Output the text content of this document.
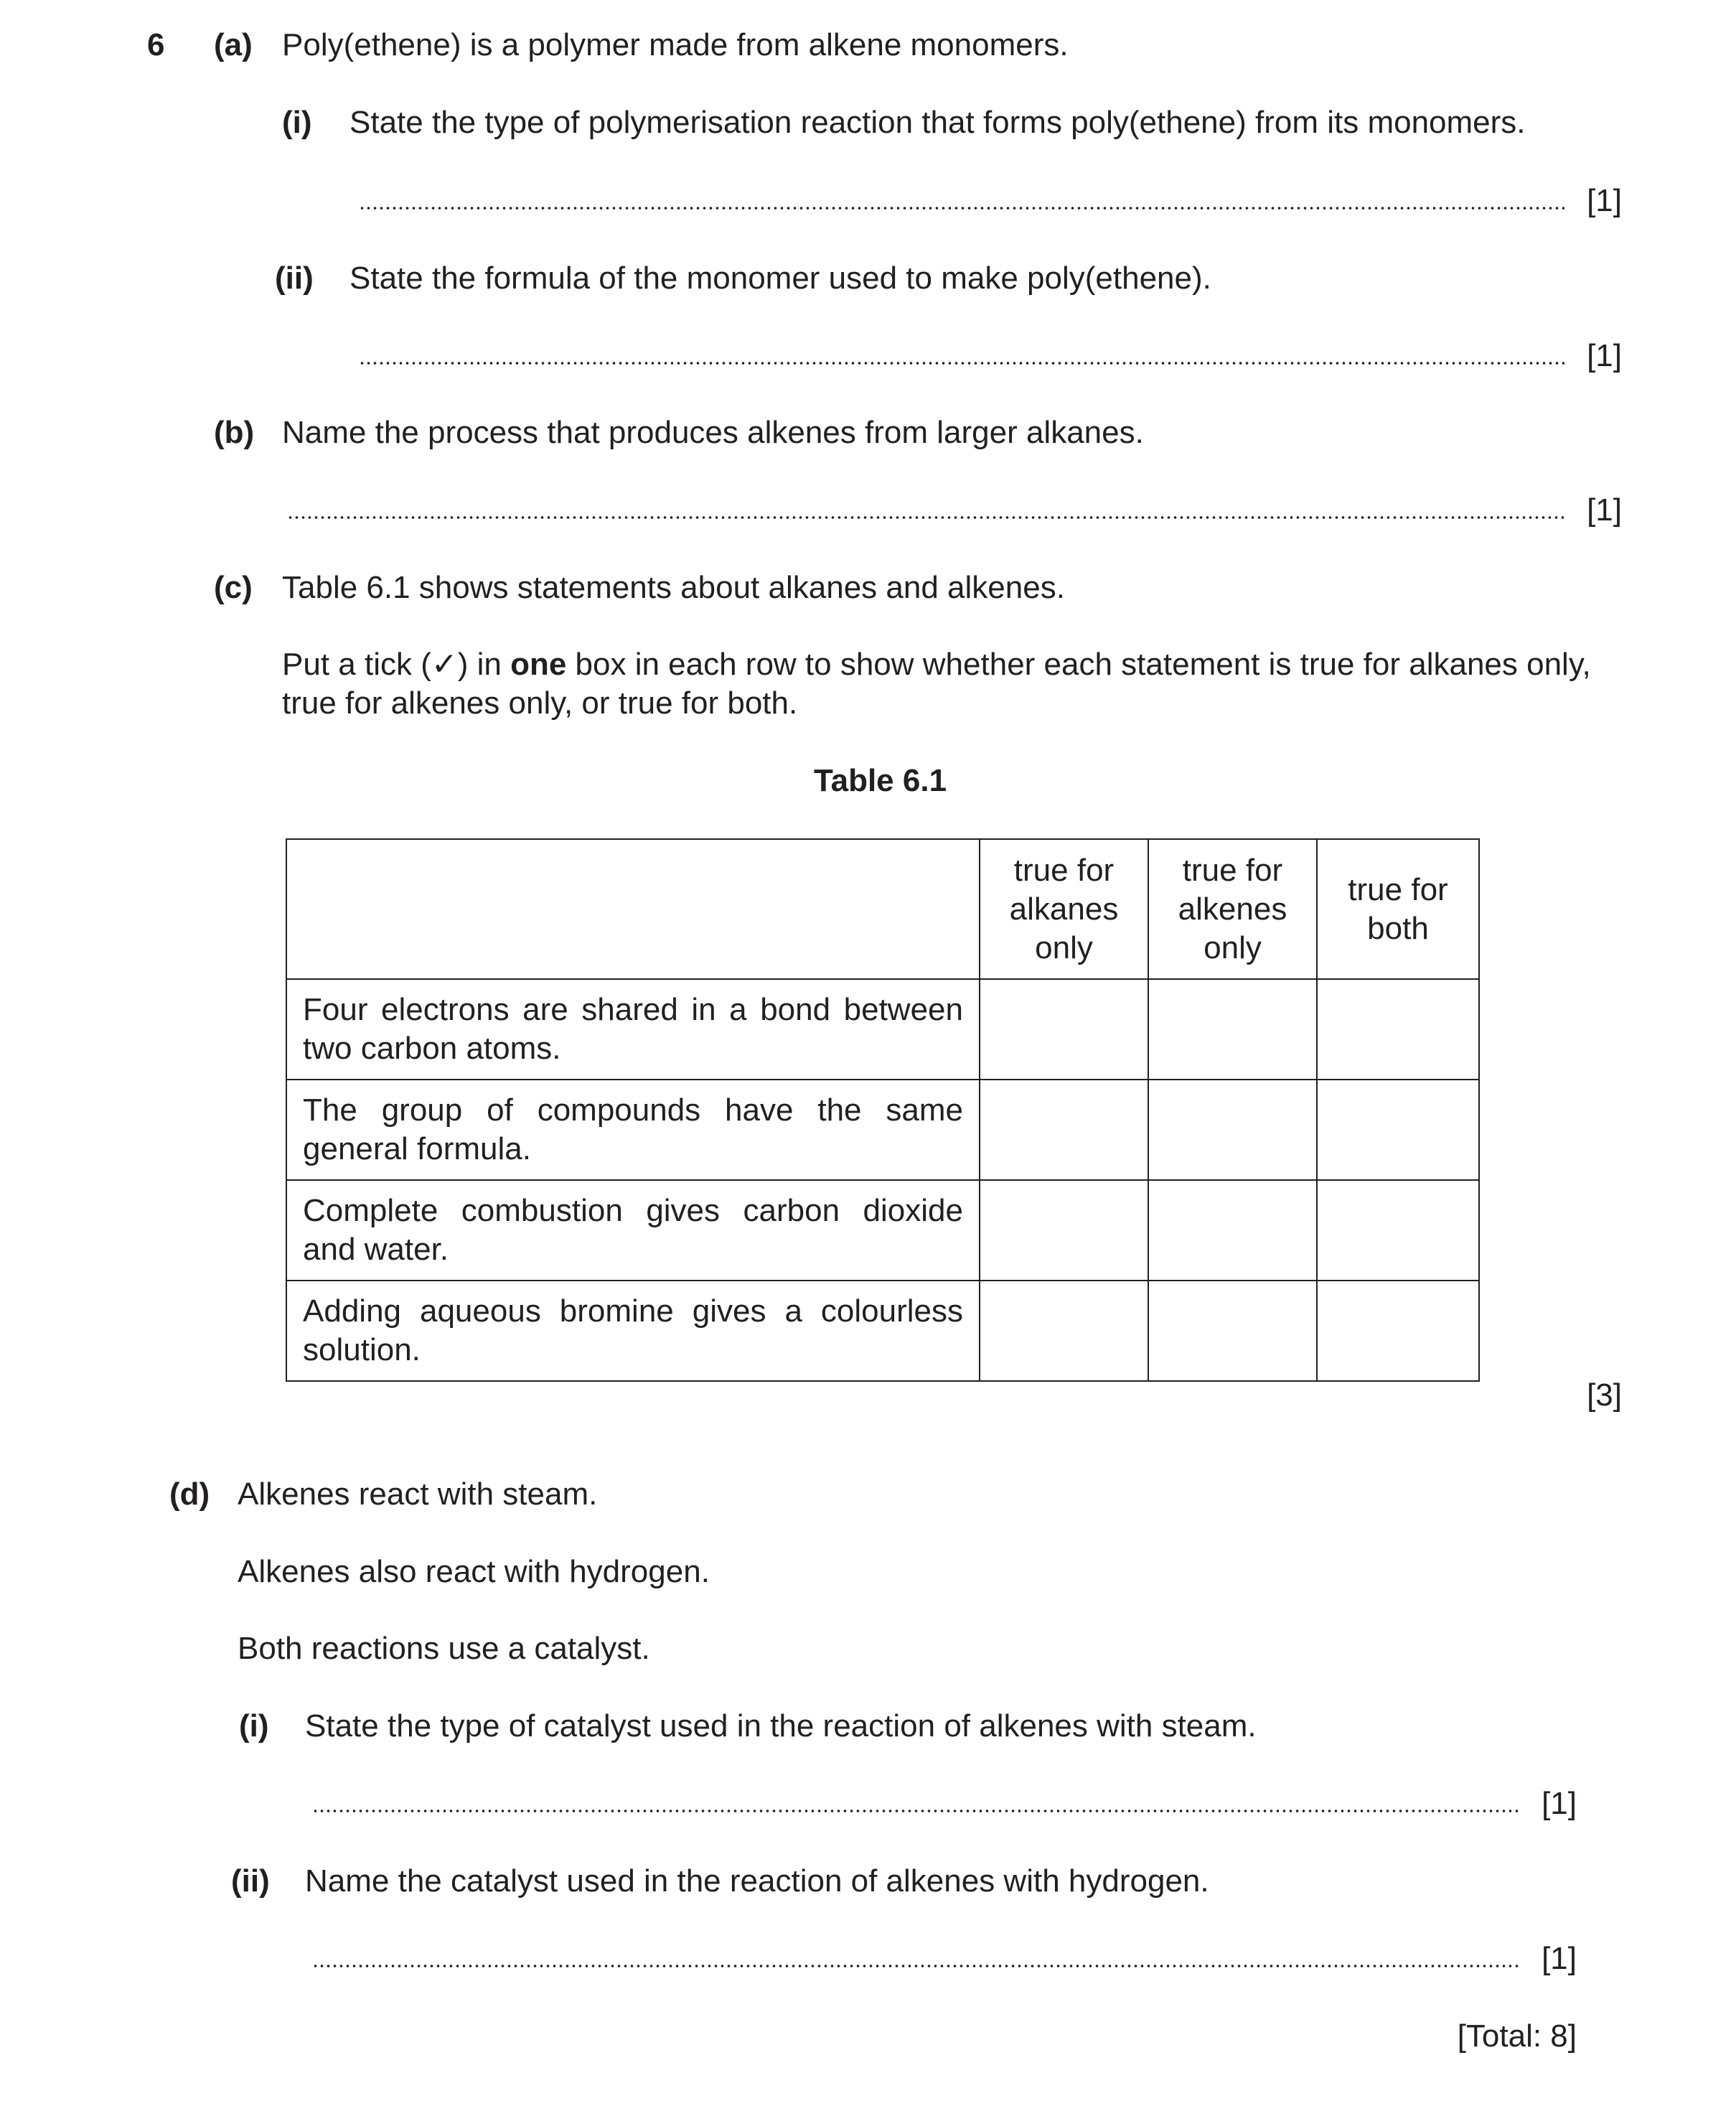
6 (a) Poly(ethene) is a polymer made from alkene monomers.
(i) State the type of polymerisation reaction that forms poly(ethene) from its monomers.
[1]
(ii) State the formula of the monomer used to make poly(ethene).
[1]
(b) Name the process that produces alkenes from larger alkanes.
[1]
(c) Table 6.1 shows statements about alkanes and alkenes.
Put a tick (✓) in one box in each row to show whether each statement is true for alkanes only, true for alkenes only, or true for both.
Table 6.1
	true for alkanes only	true for alkenes only	true for both
Four electrons are shared in a bond between two carbon atoms.			
The group of compounds have the same general formula.			
Complete combustion gives carbon dioxide and water.			
Adding aqueous bromine gives a colourless solution.			
[3]
(d) Alkenes react with steam.
Alkenes also react with hydrogen.
Both reactions use a catalyst.
(i) State the type of catalyst used in the reaction of alkenes with steam.
[1]
(ii) Name the catalyst used in the reaction of alkenes with hydrogen.
[1]
[Total: 8]
